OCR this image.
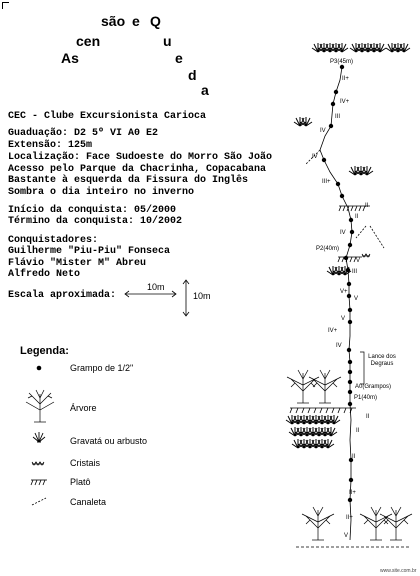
são e Q
cen	u
As	e
d
a
CEC - Clube Excursionista Carioca
Guaduação: D2 5º VI A0 E2
Extensão: 125m
Localização: Face Sudoeste do Morro São João
Acesso pelo Parque da Chacrinha, Copacabana
Bastante à esquerda da Fissura do Inglês
Sombra o dia inteiro no inverno
Início da conquista: 05/2000
Término da conquista: 10/2002
Conquistadores:
Guilherme "Piu-Piu" Fonseca
Flávio "Mister M" Abreu
Alfredo Neto
Escala aproximada:
10m
10m
Legenda:
Grampo de 1/2"
Árvore
Gravatá ou arbusto
Cristais
Platô
Canaleta
P3(45m)
II+
IV+
III
IV
IV
III+
II
II
IV
P2(40m)
V
III
V+
V
V
IV+
IV
A0(Grampos)
P1(40m)
II
II
II
II+
II+
V
Lance dos Degraus
www.site.com.br
